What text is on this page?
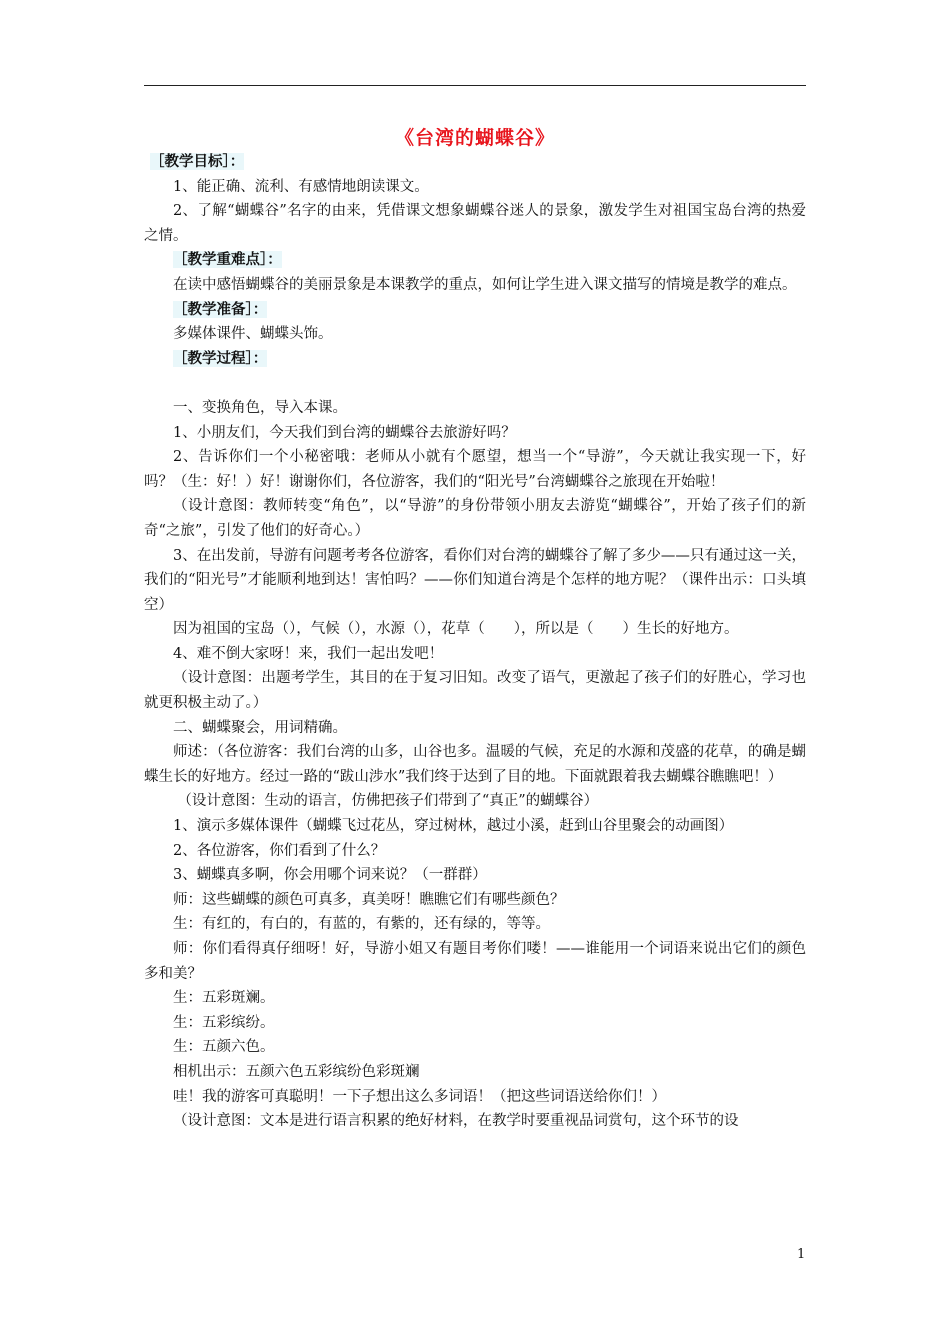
《台湾的蝴蝶谷》

［教学目标］：

1、能正确、流利、有感情地朗读课文。

2、了解“蝴蝶谷”名字的由来，凭借课文想象蝴蝶谷迷人的景象，激发学生对祖国宝岛台湾的热爱之情。

［教学重难点］：

在读中感悟蝴蝶谷的美丽景象是本课教学的重点，如何让学生进入课文描写的情境是教学的难点。

［教学准备］：

多媒体课件、蝴蝶头饰。

［教学过程］：

一、变换角色，导入本课。

1、小朋友们，今天我们到台湾的蝴蝶谷去旅游好吗？

2、告诉你们一个小秘密哦：老师从小就有个愿望，想当一个“导游”，今天就让我实现一下，好吗？（生：好！）好！谢谢你们，各位游客，我们的“阳光号”台湾蝴蝶谷之旅现在开始啦！

（设计意图：教师转变“角色”，以“导游”的身份带领小朋友去游览“蝴蝶谷”，开始了孩子们的新奇“之旅”，引发了他们的好奇心。）

3、在出发前，导游有问题考考各位游客，看你们对台湾的蝴蝶谷了解了多少——只有通过这一关，我们的“阳光号”才能顺利地到达！害怕吗？——你们知道台湾是个怎样的地方呢？（课件出示：口头填空）

因为祖国的宝岛（），气候（），水源（），花草（　　），所以是（　　）生长的好地方。

4、难不倒大家呀！来，我们一起出发吧！

（设计意图：出题考学生，其目的在于复习旧知。改变了语气，更激起了孩子们的好胜心，学习也就更积极主动了。）

二、蝴蝶聚会，用词精确。

师述：（各位游客：我们台湾的山多，山谷也多。温暖的气候，充足的水源和茂盛的花草，的确是蝴蝶生长的好地方。经过一路的“跋山涉水”我们终于达到了目的地。下面就跟着我去蝴蝶谷瞧瞧吧！）

（设计意图：生动的语言，仿佛把孩子们带到了“真正”的蝴蝶谷）

1、演示多媒体课件（蝴蝶飞过花丛，穿过树林，越过小溪，赶到山谷里聚会的动画图）

2、各位游客，你们看到了什么？

3、蝴蝶真多啊，你会用哪个词来说？（一群群）

师：这些蝴蝶的颜色可真多，真美呀！瞧瞧它们有哪些颜色？

生：有红的，有白的，有蓝的，有紫的，还有绿的，等等。

师：你们看得真仔细呀！好，导游小姐又有题目考你们喽！——谁能用一个词语来说出它们的颜色多和美？

生：五彩斑斓。

生：五彩缤纷。

生：五颜六色。

相机出示：五颜六色五彩缤纷色彩斑斓

哇！我的游客可真聪明！一下子想出这么多词语！（把这些词语送给你们！）

（设计意图：文本是进行语言积累的绝好材料，在教学时要重视品词赏句，这个环节的设

1
